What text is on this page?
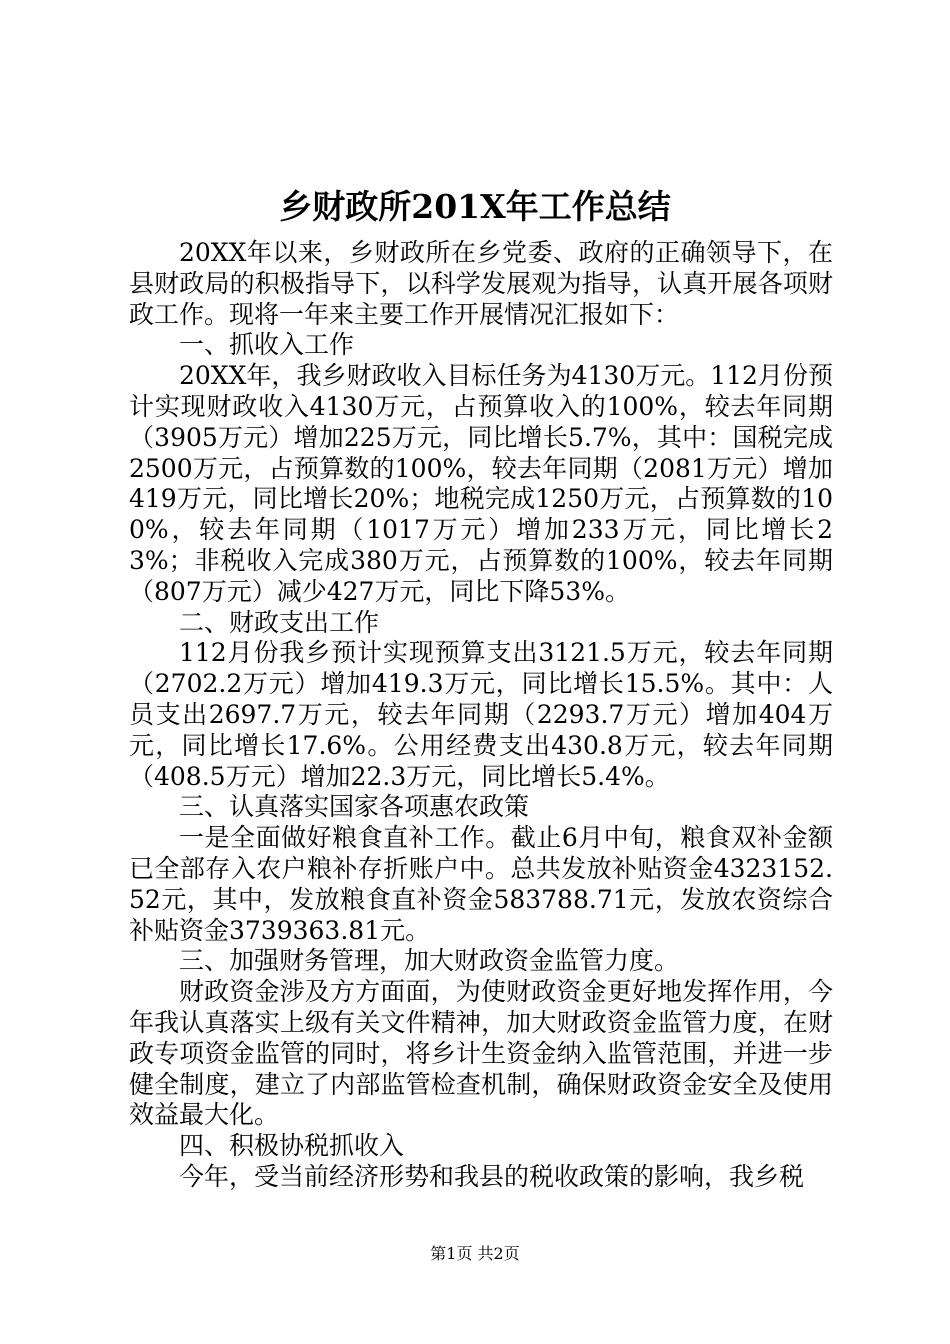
乡财政所201X年工作总结

20XX年以来，乡财政所在乡党委、政府的正确领导下，在县财政局的积极指导下，以科学发展观为指导，认真开展各项财政工作。现将一年来主要工作开展情况汇报如下：

一、抓收入工作

20XX年，我乡财政收入目标任务为4130万元。112月份预计实现财政收入4130万元，占预算收入的100%，较去年同期（3905万元）增加225万元，同比增长5.7%，其中：国税完成2500万元，占预算数的100%，较去年同期（2081万元）增加419万元，同比增长20%；地税完成1250万元，占预算数的100%，较去年同期（1017万元）增加233万元，同比增长23%；非税收入完成380万元，占预算数的100%，较去年同期（807万元）减少427万元，同比下降53%。

二、财政支出工作

112月份我乡预计实现预算支出3121.5万元，较去年同期（2702.2万元）增加419.3万元，同比增长15.5%。其中：人员支出2697.7万元，较去年同期（2293.7万元）增加404万元，同比增长17.6%。公用经费支出430.8万元，较去年同期（408.5万元）增加22.3万元，同比增长5.4%。

三、认真落实国家各项惠农政策

一是全面做好粮食直补工作。截止6月中旬，粮食双补金额已全部存入农户粮补存折账户中。总共发放补贴资金4323152.52元，其中，发放粮食直补资金583788.71元，发放农资综合补贴资金3739363.81元。

三、加强财务管理，加大财政资金监管力度。

财政资金涉及方方面面，为使财政资金更好地发挥作用，今年我认真落实上级有关文件精神，加大财政资金监管力度，在财政专项资金监管的同时，将乡计生资金纳入监管范围，并进一步健全制度，建立了内部监管检查机制，确保财政资金安全及使用效益最大化。

四、积极协税抓收入

今年，受当前经济形势和我县的税收政策的影响，我乡税

第1页 共2页
